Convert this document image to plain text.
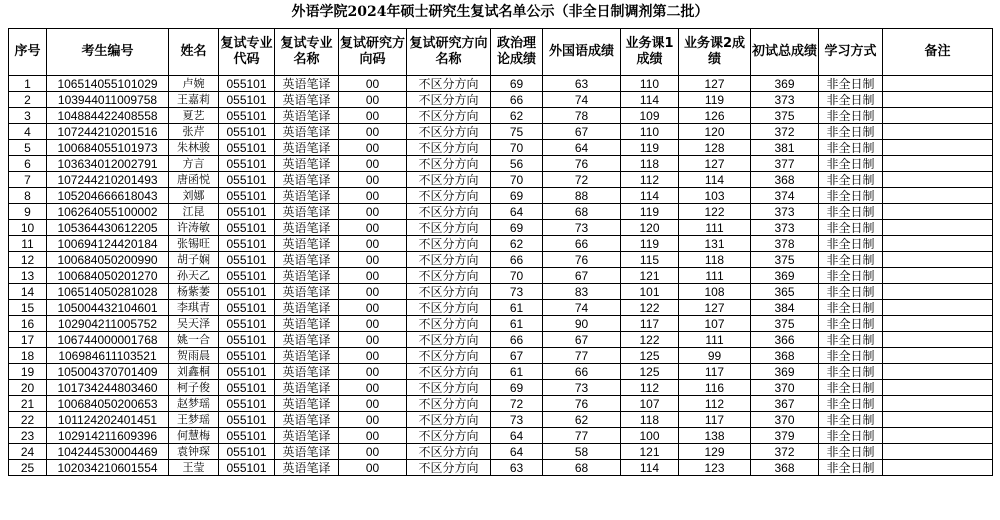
外语学院2024年硕士研究生复试名单公示（非全日制调剂第二批）
序号	考生编号	姓名	复试专业代码	复试专业名称	复试研究方向码	复试研究方向名称	政治理论成绩	外国语成绩	业务课1成绩	业务课2成绩	初试总成绩	学习方式	备注
1	106514055101029	卢婉	055101	英语笔译	00	不区分方向	69	63	110	127	369	非全日制	
2	103944011009758	王嘉莉	055101	英语笔译	00	不区分方向	66	74	114	119	373	非全日制	
3	104884422408558	夏艺	055101	英语笔译	00	不区分方向	62	78	109	126	375	非全日制	
4	107244210201516	张芹	055101	英语笔译	00	不区分方向	75	67	110	120	372	非全日制	
5	100684055101973	朱林骏	055101	英语笔译	00	不区分方向	70	64	119	128	381	非全日制	
6	103634012002791	方言	055101	英语笔译	00	不区分方向	56	76	118	127	377	非全日制	
7	107244210201493	唐函悦	055101	英语笔译	00	不区分方向	70	72	112	114	368	非全日制	
8	105204666618043	刘娜	055101	英语笔译	00	不区分方向	69	88	114	103	374	非全日制	
9	106264055100002	江昆	055101	英语笔译	00	不区分方向	64	68	119	122	373	非全日制	
10	105364430612205	许涛敏	055101	英语笔译	00	不区分方向	69	73	120	111	373	非全日制	
11	100694124420184	张锡旺	055101	英语笔译	00	不区分方向	62	66	119	131	378	非全日制	
12	100684050200990	胡子娴	055101	英语笔译	00	不区分方向	66	76	115	118	375	非全日制	
13	100684050201270	孙天乙	055101	英语笔译	00	不区分方向	70	67	121	111	369	非全日制	
14	106514050281028	杨紫萎	055101	英语笔译	00	不区分方向	73	83	101	108	365	非全日制	
15	105004432104601	李琪青	055101	英语笔译	00	不区分方向	61	74	122	127	384	非全日制	
16	102904211005752	吴天泽	055101	英语笔译	00	不区分方向	61	90	117	107	375	非全日制	
17	106744000001768	姚一合	055101	英语笔译	00	不区分方向	66	67	122	111	366	非全日制	
18	106984611103521	贺雨晨	055101	英语笔译	00	不区分方向	67	77	125	99	368	非全日制	
19	105004370701409	刘鑫桐	055101	英语笔译	00	不区分方向	61	66	125	117	369	非全日制	
20	101734244803460	柯子俊	055101	英语笔译	00	不区分方向	69	73	112	116	370	非全日制	
21	100684050200653	赵梦瑶	055101	英语笔译	00	不区分方向	72	76	107	112	367	非全日制	
22	101124202401451	王梦瑶	055101	英语笔译	00	不区分方向	73	62	118	117	370	非全日制	
23	102914211609396	何慧梅	055101	英语笔译	00	不区分方向	64	77	100	138	379	非全日制	
24	104244530004469	袁钟琛	055101	英语笔译	00	不区分方向	64	58	121	129	372	非全日制	
25	102034210601554	王莹	055101	英语笔译	00	不区分方向	63	68	114	123	368	非全日制	
